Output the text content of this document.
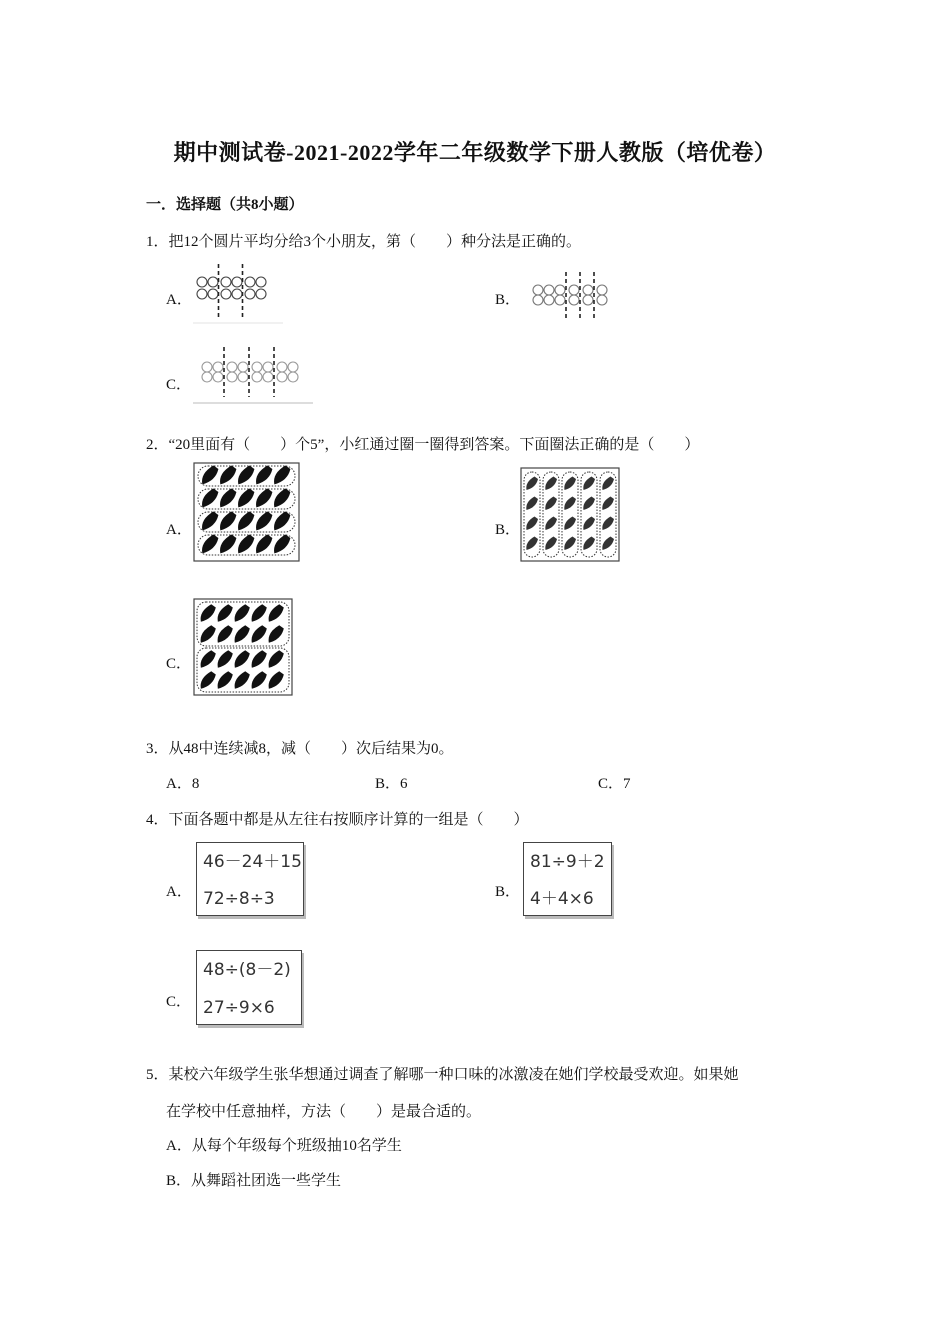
期中测试卷-2021-2022学年二年级数学下册人教版（培优卷）
一．选择题（共8小题）
1．把12个圆片平均分给3个小朋友，第（　　）种分法是正确的。
A．	B．
C．
2．“20里面有（　　）个5”，小红通过圈一圈得到答案。下面圈法正确的是（　　）
A．	B．
C．
3．从48中连续减8，减（　　）次后结果为0。
A．8	B．6	C．7
4．下面各题中都是从左往右按顺序计算的一组是（　　）
A．
46－24＋15
72÷8÷3	B．
81÷9＋2
4＋4×6
C．
48÷(8－2)
27÷9×6
5．某校六年级学生张华想通过调查了解哪一种口味的冰激凌在她们学校最受欢迎。如果她
在学校中任意抽样，方法（　　）是最合适的。
A．从每个年级每个班级抽10名学生
B．从舞蹈社团选一些学生
